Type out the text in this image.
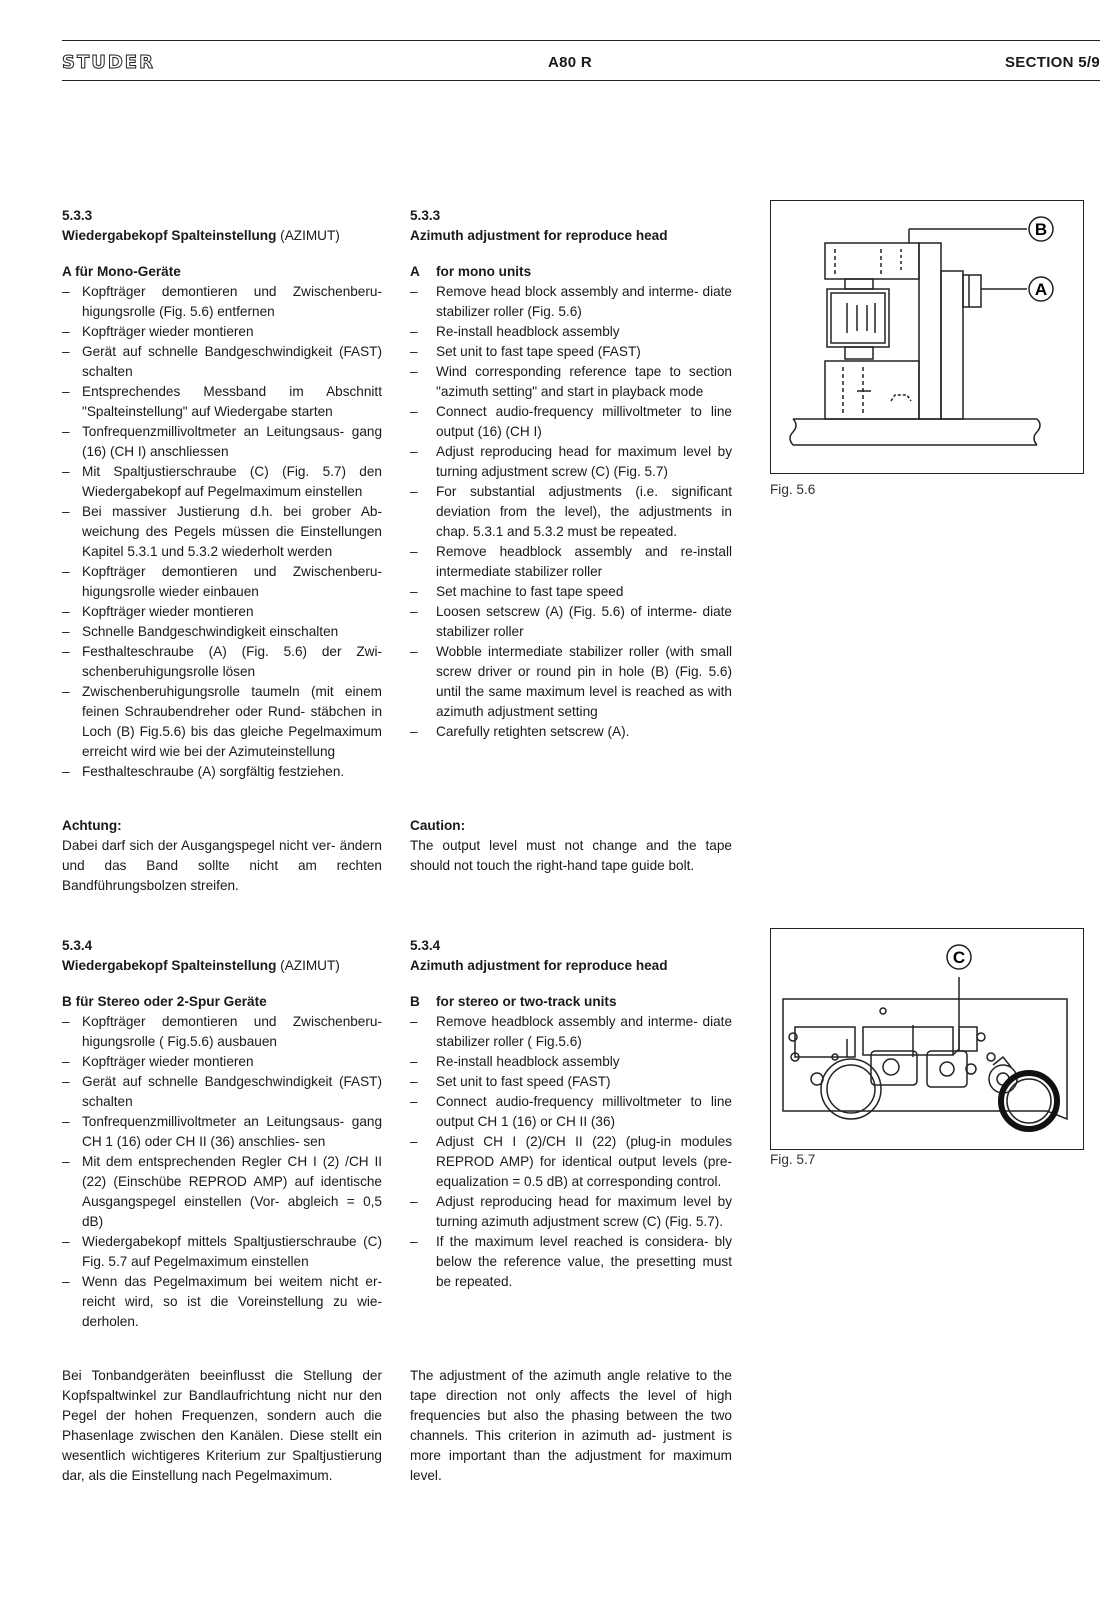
STUDER	A80 R	SECTION 5/9
5.3.3
Wiedergabekopf Spalteinstellung (AZIMUT)
A für Mono-Geräte
– Kopfträger demontieren und Zwischenberu- higungsrolle (Fig. 5.6) entfernen
– Kopfträger wieder montieren
– Gerät auf schnelle Bandgeschwindigkeit (FAST) schalten
– Entsprechendes Messband im Abschnitt "Spalteinstellung" auf Wiedergabe starten
– Tonfrequenzmillivoltmeter an Leitungsaus- gang (16) (CH I) anschliessen
– Mit Spaltjustierschraube (C) (Fig. 5.7) den Wiedergabekopf auf Pegelmaximum einstellen
– Bei massiver Justierung d.h. bei grober Ab- weichung des Pegels müssen die Einstellungen Kapitel 5.3.1 und 5.3.2 wiederholt werden
– Kopfträger demontieren und Zwischenberu- higungsrolle wieder einbauen
– Kopfträger wieder montieren
– Schnelle Bandgeschwindigkeit einschalten
– Festhalteschraube (A) (Fig. 5.6) der Zwi- schenberuhigungsrolle lösen
– Zwischenberuhigungsrolle taumeln (mit einem feinen Schraubendreher oder Rund- stäbchen in Loch (B) Fig.5.6) bis das gleiche Pegelmaximum erreicht wird wie bei der Azimuteinstellung
– Festhalteschraube (A) sorgfältig festziehen.
Achtung:
Dabei darf sich der Ausgangspegel nicht ver- ändern und das Band sollte nicht am rechten Bandführungsbolzen streifen.
5.3.3
Azimuth adjustment for reproduce head
A for mono units
– Remove head block assembly and interme- diate stabilizer roller (Fig. 5.6)
– Re-install headblock assembly
– Set unit to fast tape speed (FAST)
– Wind corresponding reference tape to section "azimuth setting" and start in playback mode
– Connect audio-frequency millivoltmeter to line output (16) (CH I)
– Adjust reproducing head for maximum level by turning adjustment screw (C) (Fig. 5.7)
– For substantial adjustments (i.e. significant deviation from the level), the adjustments in chap. 5.3.1 and 5.3.2 must be repeated.
– Remove headblock assembly and re-install intermediate stabilizer roller
– Set machine to fast tape speed
– Loosen setscrew (A) (Fig. 5.6) of interme- diate stabilizer roller
– Wobble intermediate stabilizer roller (with small screw driver or round pin in hole (B) (Fig. 5.6) until the same maximum level is reached as with azimuth adjustment setting
– Carefully retighten setscrew (A).
Caution:
The output level must not change and the tape should not touch the right-hand tape guide bolt.
B
A
Fig. 5.6
5.3.4
Wiedergabekopf Spalteinstellung (AZIMUT)
B für Stereo oder 2-Spur Geräte
– Kopfträger demontieren und Zwischenberu- higungsrolle ( Fig.5.6) ausbauen
– Kopfträger wieder montieren
– Gerät auf schnelle Bandgeschwindigkeit (FAST) schalten
– Tonfrequenzmillivoltmeter an Leitungsaus- gang CH 1 (16) oder CH II (36) anschlies- sen
– Mit dem entsprechenden Regler CH I (2) /CH II (22) (Einschübe REPROD AMP) auf identische Ausgangspegel einstellen (Vor- abgleich = 0,5 dB)
– Wiedergabekopf mittels Spaltjustierschraube (C) Fig. 5.7 auf Pegelmaximum einstellen
– Wenn das Pegelmaximum bei weitem nicht er- reicht wird, so ist die Voreinstellung zu wie- derholen.
Bei Tonbandgeräten beeinflusst die Stellung der Kopfspaltwinkel zur Bandlaufrichtung nicht nur den Pegel der hohen Frequenzen, sondern auch die Phasenlage zwischen den Kanälen. Diese stellt ein wesentlich wichtigeres Kriterium zur Spaltjustierung dar, als die Einstellung nach Pegelmaximum.
5.3.4
Azimuth adjustment for reproduce head
B for stereo or two-track units
– Remove headblock assembly and interme- diate stabilizer roller ( Fig.5.6)
– Re-install headblock assembly
– Set unit to fast speed (FAST)
– Connect audio-frequency millivoltmeter to line output CH 1 (16) or CH II (36)
– Adjust CH I (2)/CH II (22) (plug-in modules REPROD AMP) for identical output levels (pre-equalization = 0.5 dB) at corresponding control.
– Adjust reproducing head for maximum level by turning azimuth adjustment screw (C) (Fig. 5.7).
– If the maximum level reached is considera- bly below the reference value, the presetting must be repeated.
The adjustment of the azimuth angle relative to the tape direction not only affects the level of high frequencies but also the phasing between the two channels. This criterion in azimuth ad- justment is more important than the adjustment for maximum level.
C
Fig. 5.7
